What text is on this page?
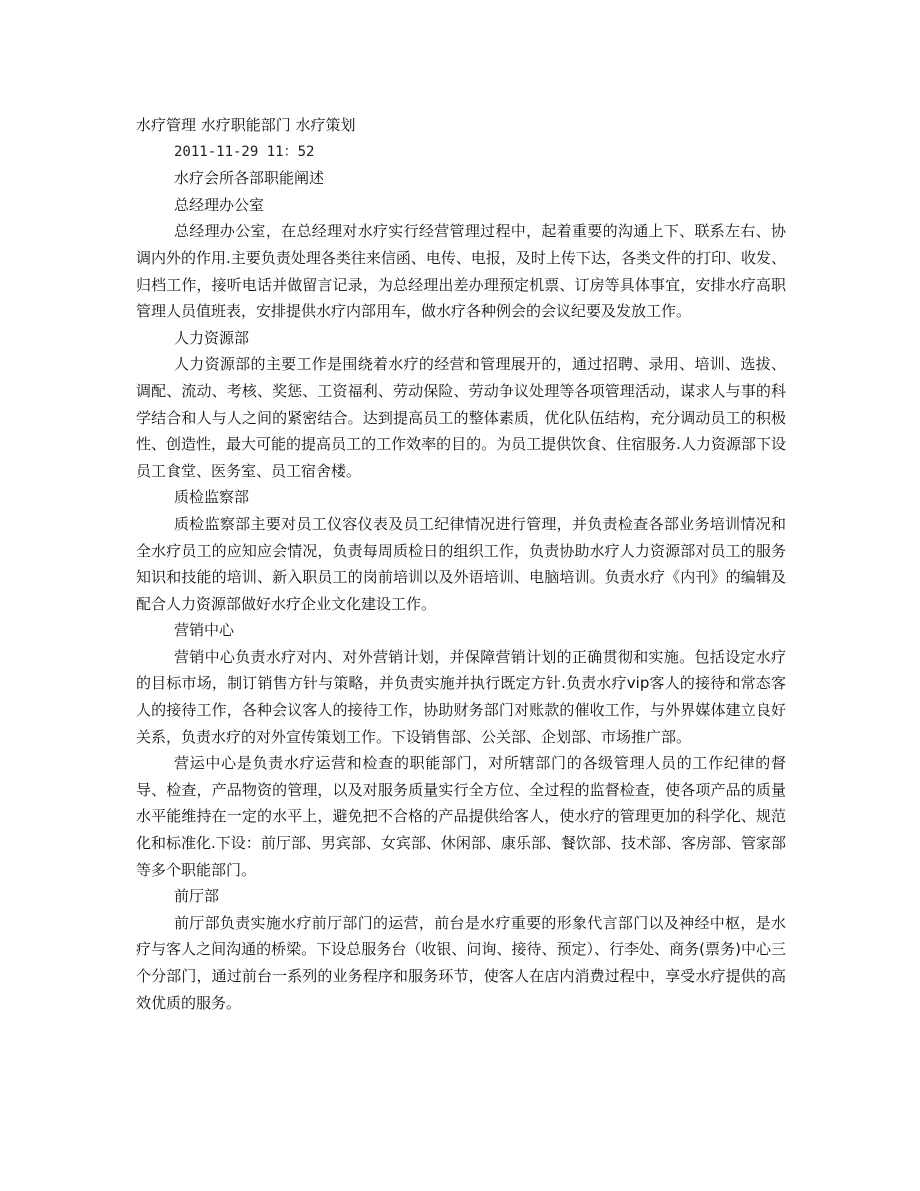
水疗管理 水疗职能部门 水疗策划
2011-11-29 11：52
水疗会所各部职能阐述
总经理办公室

总经理办公室，在总经理对水疗实行经营管理过程中，起着重要的沟通上下、联系左右、协调内外的作用.主要负责处理各类往来信函、电传、电报，及时上传下达，各类文件的打印、收发、归档工作，接听电话并做留言记录，为总经理出差办理预定机票、订房等具体事宜，安排水疗高职管理人员值班表，安排提供水疗内部用车，做水疗各种例会的会议纪要及发放工作。

人力资源部

人力资源部的主要工作是围绕着水疗的经营和管理展开的，通过招聘、录用、培训、选拔、调配、流动、考核、奖惩、工资福利、劳动保险、劳动争议处理等各项管理活动，谋求人与事的科学结合和人与人之间的紧密结合。达到提高员工的整体素质，优化队伍结构，充分调动员工的积极性、创造性，最大可能的提高员工的工作效率的目的。为员工提供饮食、住宿服务.人力资源部下设员工食堂、医务室、员工宿舍楼。

质检监察部

质检监察部主要对员工仪容仪表及员工纪律情况进行管理，并负责检查各部业务培训情况和全水疗员工的应知应会情况，负责每周质检日的组织工作，负责协助水疗人力资源部对员工的服务知识和技能的培训、新入职员工的岗前培训以及外语培训、电脑培训。负责水疗《内刊》的编辑及配合人力资源部做好水疗企业文化建设工作。

营销中心

营销中心负责水疗对内、对外营销计划，并保障营销计划的正确贯彻和实施。包括设定水疗的目标市场，制订销售方针与策略，并负责实施并执行既定方针.负责水疗vip客人的接待和常态客人的接待工作，各种会议客人的接待工作，协助财务部门对账款的催收工作，与外界媒体建立良好关系，负责水疗的对外宣传策划工作。下设销售部、公关部、企划部、市场推广部。

营运中心是负责水疗运营和检查的职能部门，对所辖部门的各级管理人员的工作纪律的督导、检查，产品物资的管理，以及对服务质量实行全方位、全过程的监督检查，使各项产品的质量水平能维持在一定的水平上，避免把不合格的产品提供给客人，使水疗的管理更加的科学化、规范化和标准化.下设：前厅部、男宾部、女宾部、休闲部、康乐部、餐饮部、技术部、客房部、管家部等多个职能部门。

前厅部

前厅部负责实施水疗前厅部门的运营，前台是水疗重要的形象代言部门以及神经中枢，是水疗与客人之间沟通的桥梁。下设总服务台（收银、问询、接待、预定）、行李处、商务(票务)中心三个分部门，通过前台一系列的业务程序和服务环节，使客人在店内消费过程中，享受水疗提供的高效优质的服务。
